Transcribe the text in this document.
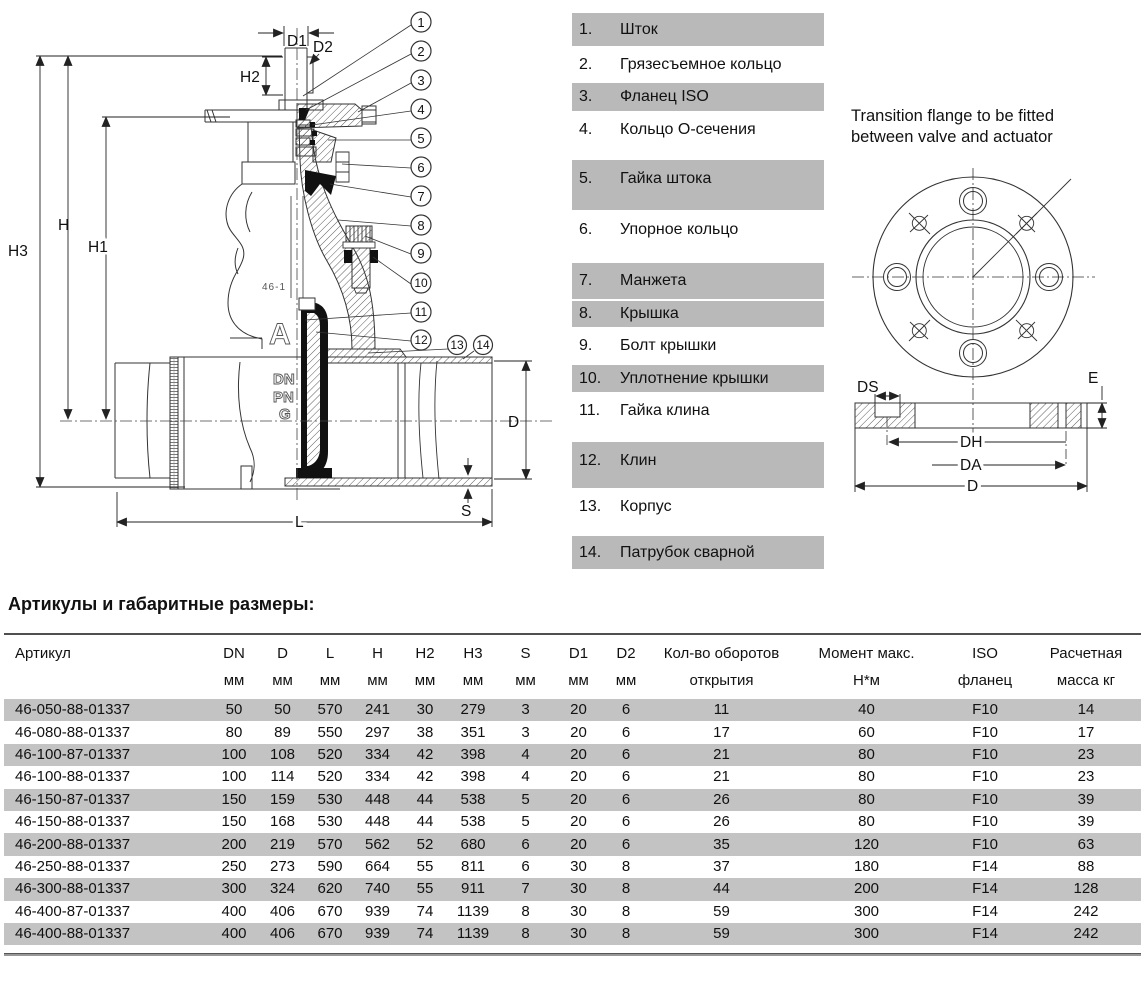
46-1
A
DN
PN
G
H3
H
H1
D1 D2
H2
D
S
L
1
2
3
4
5
6
7
8
9
10
11
12 13 14
1.	Шток
2.	Грязесъемное кольцо
3.	Фланец ISO
4.	Кольцо О-сечения
5.	Гайка штока
6.	Упорное кольцо
7.	Манжета
8.	Крышка
9.	Болт крышки
10.	Уплотнение крышки
11.	Гайка клина
12.	Клин
13.	Корпус
14.	Патрубок сварной
Transition flange to be fitted
between valve and actuator
DS
E
DH
DA
D
Артикулы и габаритные размеры:
Артикул	DN	D	L	H	H2	H3	S	D1	D2	Кол-во оборотов	Момент макс.	ISO	Расчетная
	мм	мм	мм	мм	мм	мм	мм	мм	мм	открытия	Н*м	фланец	масса кг
46-050-88-01337	50	50	570	241	30	279	3	20	6	11	40	F10	14
46-080-88-01337	80	89	550	297	38	351	3	20	6	17	60	F10	17
46-100-87-01337	100	108	520	334	42	398	4	20	6	21	80	F10	23
46-100-88-01337	100	114	520	334	42	398	4	20	6	21	80	F10	23
46-150-87-01337	150	159	530	448	44	538	5	20	6	26	80	F10	39
46-150-88-01337	150	168	530	448	44	538	5	20	6	26	80	F10	39
46-200-88-01337	200	219	570	562	52	680	6	20	6	35	120	F10	63
46-250-88-01337	250	273	590	664	55	811	6	30	8	37	180	F14	88
46-300-88-01337	300	324	620	740	55	911	7	30	8	44	200	F14	128
46-400-87-01337	400	406	670	939	74	1139	8	30	8	59	300	F14	242
46-400-88-01337	400	406	670	939	74	1139	8	30	8	59	300	F14	242
